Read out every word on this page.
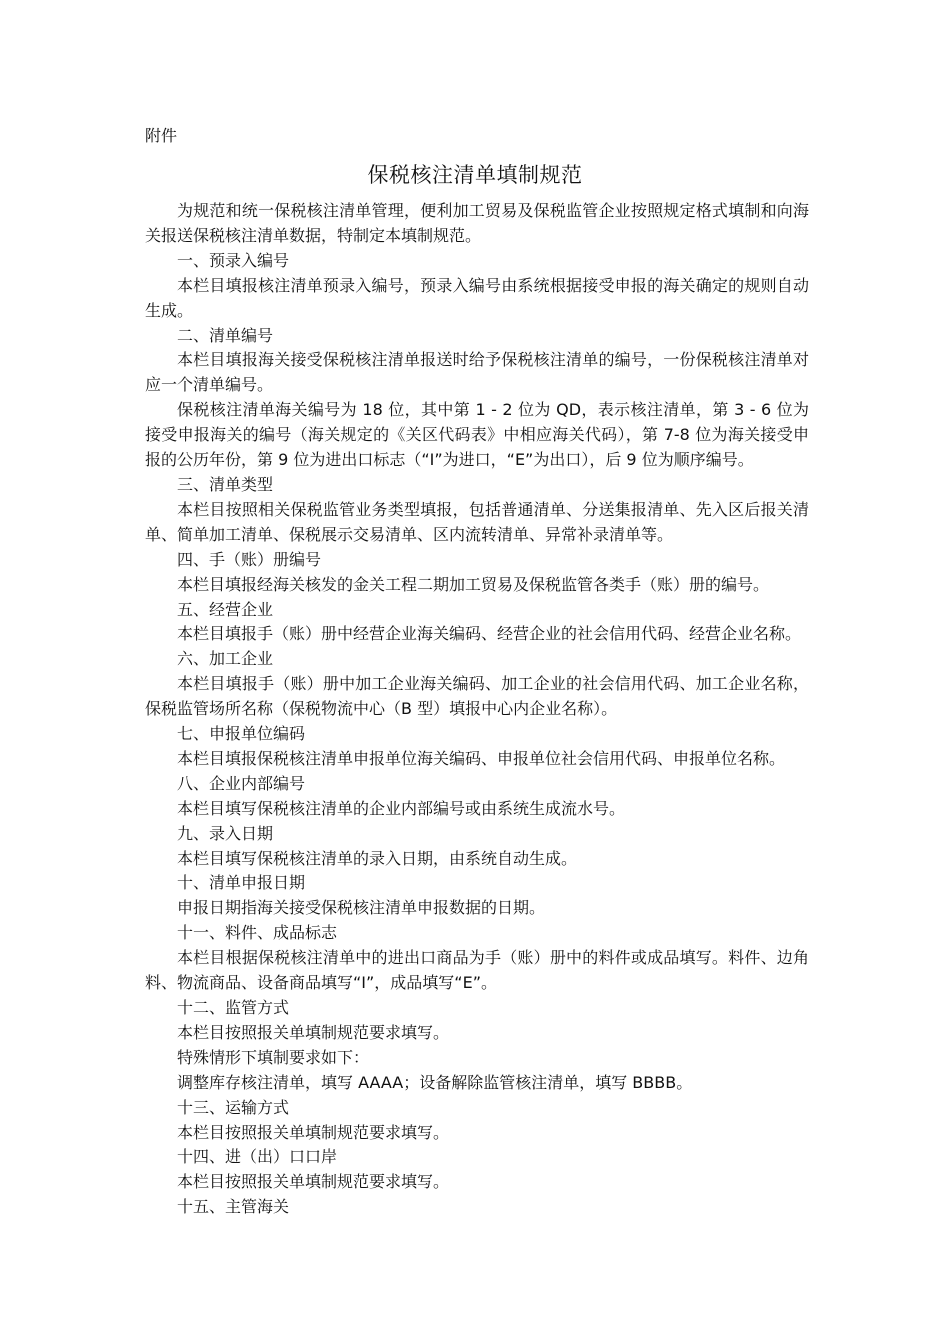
附件
保税核注清单填制规范

为规范和统一保税核注清单管理，便利加工贸易及保税监管企业按照规定格式填制和向海关报送保税核注清单数据，特制定本填制规范。

一、预录入编号

本栏目填报核注清单预录入编号，预录入编号由系统根据接受申报的海关确定的规则自动生成。

二、清单编号

本栏目填报海关接受保税核注清单报送时给予保税核注清单的编号，一份保税核注清单对应一个清单编号。

保税核注清单海关编号为 18 位，其中第 1 - 2 位为 QD，表示核注清单，第 3 - 6 位为接受申报海关的编号（海关规定的《关区代码表》中相应海关代码），第 7-8 位为海关接受申报的公历年份，第 9 位为进出口标志（“I”为进口，“E”为出口），后 9 位为顺序编号。

三、清单类型

本栏目按照相关保税监管业务类型填报，包括普通清单、分送集报清单、先入区后报关清单、简单加工清单、保税展示交易清单、区内流转清单、异常补录清单等。

四、手（账）册编号

本栏目填报经海关核发的金关工程二期加工贸易及保税监管各类手（账）册的编号。

五、经营企业

本栏目填报手（账）册中经营企业海关编码、经营企业的社会信用代码、经营企业名称。

六、加工企业

本栏目填报手（账）册中加工企业海关编码、加工企业的社会信用代码、加工企业名称，保税监管场所名称（保税物流中心（B 型）填报中心内企业名称）。

七、申报单位编码

本栏目填报保税核注清单申报单位海关编码、申报单位社会信用代码、申报单位名称。

八、企业内部编号

本栏目填写保税核注清单的企业内部编号或由系统生成流水号。

九、录入日期

本栏目填写保税核注清单的录入日期，由系统自动生成。

十、清单申报日期

申报日期指海关接受保税核注清单申报数据的日期。

十一、料件、成品标志

本栏目根据保税核注清单中的进出口商品为手（账）册中的料件或成品填写。料件、边角料、物流商品、设备商品填写“I”，成品填写“E”。

十二、监管方式

本栏目按照报关单填制规范要求填写。

特殊情形下填制要求如下：

调整库存核注清单，填写 AAAA；设备解除监管核注清单，填写 BBBB。

十三、运输方式

本栏目按照报关单填制规范要求填写。

十四、进（出）口口岸

本栏目按照报关单填制规范要求填写。

十五、主管海关
